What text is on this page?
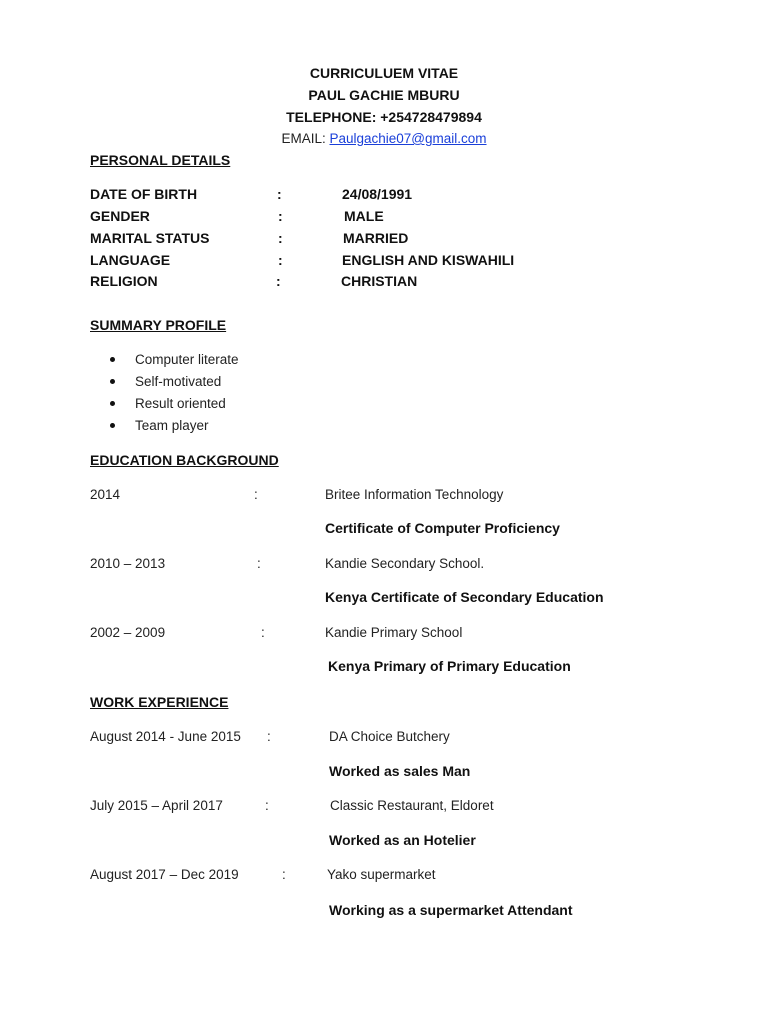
CURRICULUEM VITAE
PAUL GACHIE MBURU
TELEPHONE: +254728479894
EMAIL: Paulgachie07@gmail.com
PERSONAL DETAILS
DATE OF BIRTH	:	24/08/1991
GENDER	:	MALE
MARITAL STATUS	:	MARRIED
LANGUAGE	:	ENGLISH AND KISWAHILI
RELIGION	:	CHRISTIAN
SUMMARY PROFILE
Computer literate
Self-motivated
Result oriented
Team player
EDUCATION BACKGROUND
2014	:	Britee Information Technology
Certificate of Computer Proficiency
2010 – 2013	:	Kandie Secondary School.
Kenya Certificate of Secondary Education
2002 – 2009	:	Kandie Primary School
Kenya Primary of Primary Education
WORK EXPERIENCE
August 2014 - June 2015 :	DA Choice Butchery
Worked as sales Man
July 2015 – April 2017	:	Classic Restaurant, Eldoret
Worked as an Hotelier
August 2017 – Dec 2019	:	Yako supermarket
Working as a supermarket Attendant
